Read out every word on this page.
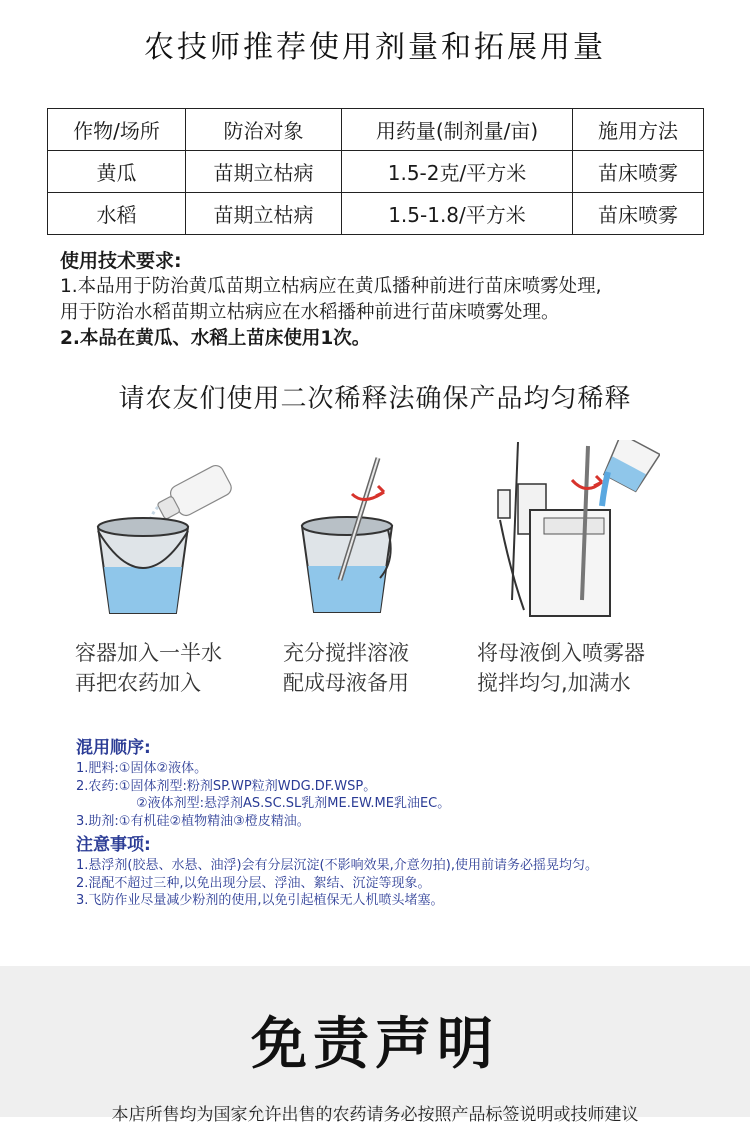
农技师推荐使用剂量和拓展用量
作物/场所	防治对象	用药量(制剂量/亩)	施用方法
黄瓜	苗期立枯病	1.5-2克/平方米	苗床喷雾
水稻	苗期立枯病	1.5-1.8/平方米	苗床喷雾
使用技术要求:
1.本品用于防治黄瓜苗期立枯病应在黄瓜播种前进行苗床喷雾处理,
用于防治水稻苗期立枯病应在水稻播种前进行苗床喷雾处理。
2.本品在黄瓜、水稻上苗床使用1次。
请农友们使用二次稀释法确保产品均匀稀释
容器加入一半水
再把农药加入
充分搅拌溶液
配成母液备用
将母液倒入喷雾器
搅拌均匀,加满水
混用顺序:
1.肥料:①固体②液体。
2.农药:①固体剂型:粉剂SP.WP粒剂WDG.DF.WSP。
②液体剂型:悬浮剂AS.SC.SL乳剂ME.EW.ME乳油EC。
3.助剂:①有机硅②植物精油③橙皮精油。
注意事项:
1.悬浮剂(胶悬、水悬、油浮)会有分层沉淀(不影响效果,介意勿拍),使用前请务必摇晃均匀。
2.混配不超过三种,以免出现分层、浮油、絮结、沉淀等现象。
3.飞防作业尽量减少粉剂的使用,以免引起植保无人机喷头堵塞。
免责声明
本店所售均为国家允许出售的农药请务必按照产品标签说明或技师建议
